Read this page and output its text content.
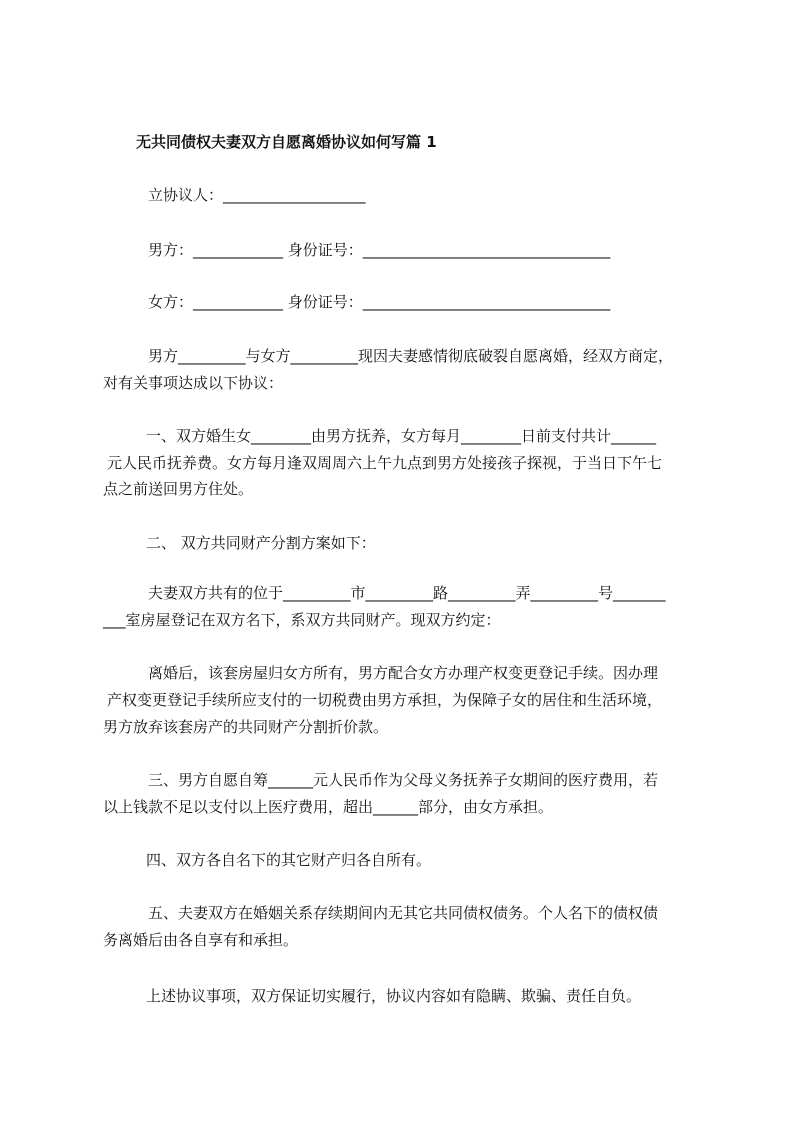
无共同债权夫妻双方自愿离婚协议如何写篇 1
立协议人：___________________
男方：____________ 身份证号：_________________________________
女方：____________ 身份证号：_________________________________
男方_________与女方_________现因夫妻感情彻底破裂自愿离婚，经双方商定，
对有关事项达成以下协议：
一、双方婚生女________由男方抚养，女方每月________日前支付共计______
元人民币抚养费。女方每月逢双周周六上午九点到男方处接孩子探视，于当日下午七
点之前送回男方住处。
二、 双方共同财产分割方案如下：
夫妻双方共有的位于_________市_________路_________弄_________号_______
___室房屋登记在双方名下，系双方共同财产。现双方约定：
离婚后，该套房屋归女方所有，男方配合女方办理产权变更登记手续。因办理
产权变更登记手续所应支付的一切税费由男方承担，为保障子女的居住和生活环境，
男方放弃该套房产的共同财产分割折价款。
三、男方自愿自筹______元人民币作为父母义务抚养子女期间的医疗费用，若
以上钱款不足以支付以上医疗费用，超出______部分，由女方承担。
四、双方各自名下的其它财产归各自所有。
五、夫妻双方在婚姻关系存续期间内无其它共同债权债务。个人名下的债权债
务离婚后由各自享有和承担。
上述协议事项，双方保证切实履行，协议内容如有隐瞒、欺骗、责任自负。
